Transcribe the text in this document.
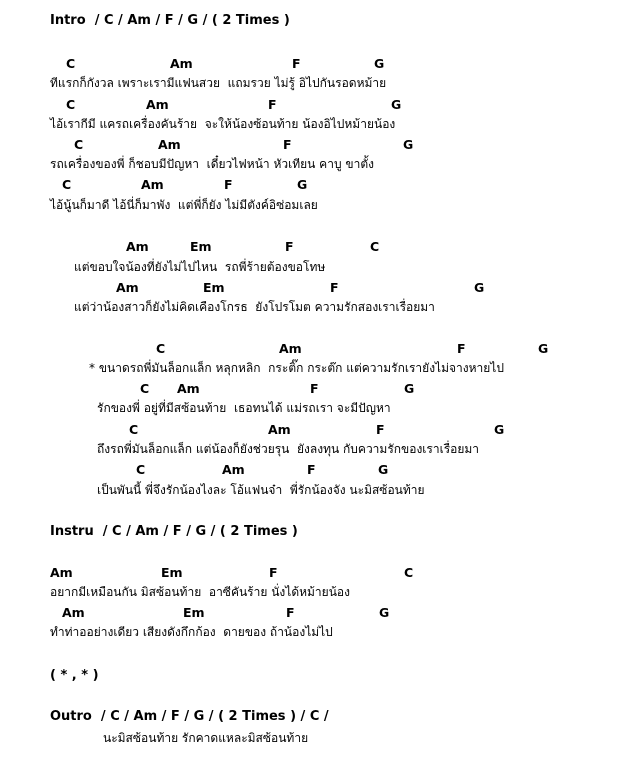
Intro  / C / Am / F / G / ( 2 Times )
C	Am	F	G
ทีแรกก็กังวล เพราะเรามีแฟนสวย  แถมรวย ไม่รู้ อิไปกันรอดหม้าย
C	Am	F	G
ไอ้เรากีมี แครถเครื่องคันร้าย  จะให้น้องซ้อนท้าย น้องอิไปหม้ายน้อง
C	Am	F	G
รถเครื่องของพี่ ก็ชอบมีปัญหา  เดี๋ยวไฟหน้า หัวเทียน คาบู ขาตั้ง
C	Am	F	G
ไอ้นู้นก็มาดี ไอ้นี่ก็มาพัง  แต่พี่ก็ยัง ไม่มีตังค์อิซ่อมเลย
Am	Em	F	C
แต่ขอบใจน้องที่ยังไม่ไปไหน  รถพี่ร้ายต้องขอโทษ
Am	Em	F	G
แต่ว่าน้องสาวก็ยังไม่คิดเคืองโกรธ  ยังโปรโมต ความรักสองเราเรื่อยมา
C	Am	F	G
* ขนาดรถพี่มันล็อกแล็ก หลุกหลิก  กระติ๊ก กระต๊ก แต่ความรักเรายังไม่จางหายไป
C Am	F	G
รักของพี่ อยู่ที่มีสซ้อนท้าย  เธอทนได้ แม่รถเรา จะมีปัญหา
C	Am	F	G
ถึงรถพี่มันล็อกแล็ก แต่น้องก็ยังช่วยรุน  ยังลงทุน กับความรักของเราเรื่อยมา
C	Am	F	G
เป็นพันนี้ พี่จึงรักน้องไงละ โอ้แฟนจ๋า  พี่รักน้องจัง นะมิสซ้อนท้าย
Instru  / C / Am / F / G / ( 2 Times )
Am	Em	F	C
อยากมีเหมือนกัน มิสซ้อนท้าย  อาซีคันร้าย นั่งได้หม้ายน้อง
Am	Em	F	G
ทำท่าออย่างเดียว เสียงดังกึกก้อง  ดายของ ถ้าน้องไม่ไป
( * , * )
Outro  / C / Am / F / G / ( 2 Times ) / C /
นะมิสซ้อนท้าย รักคาดแหละมิสซ้อนท้าย
